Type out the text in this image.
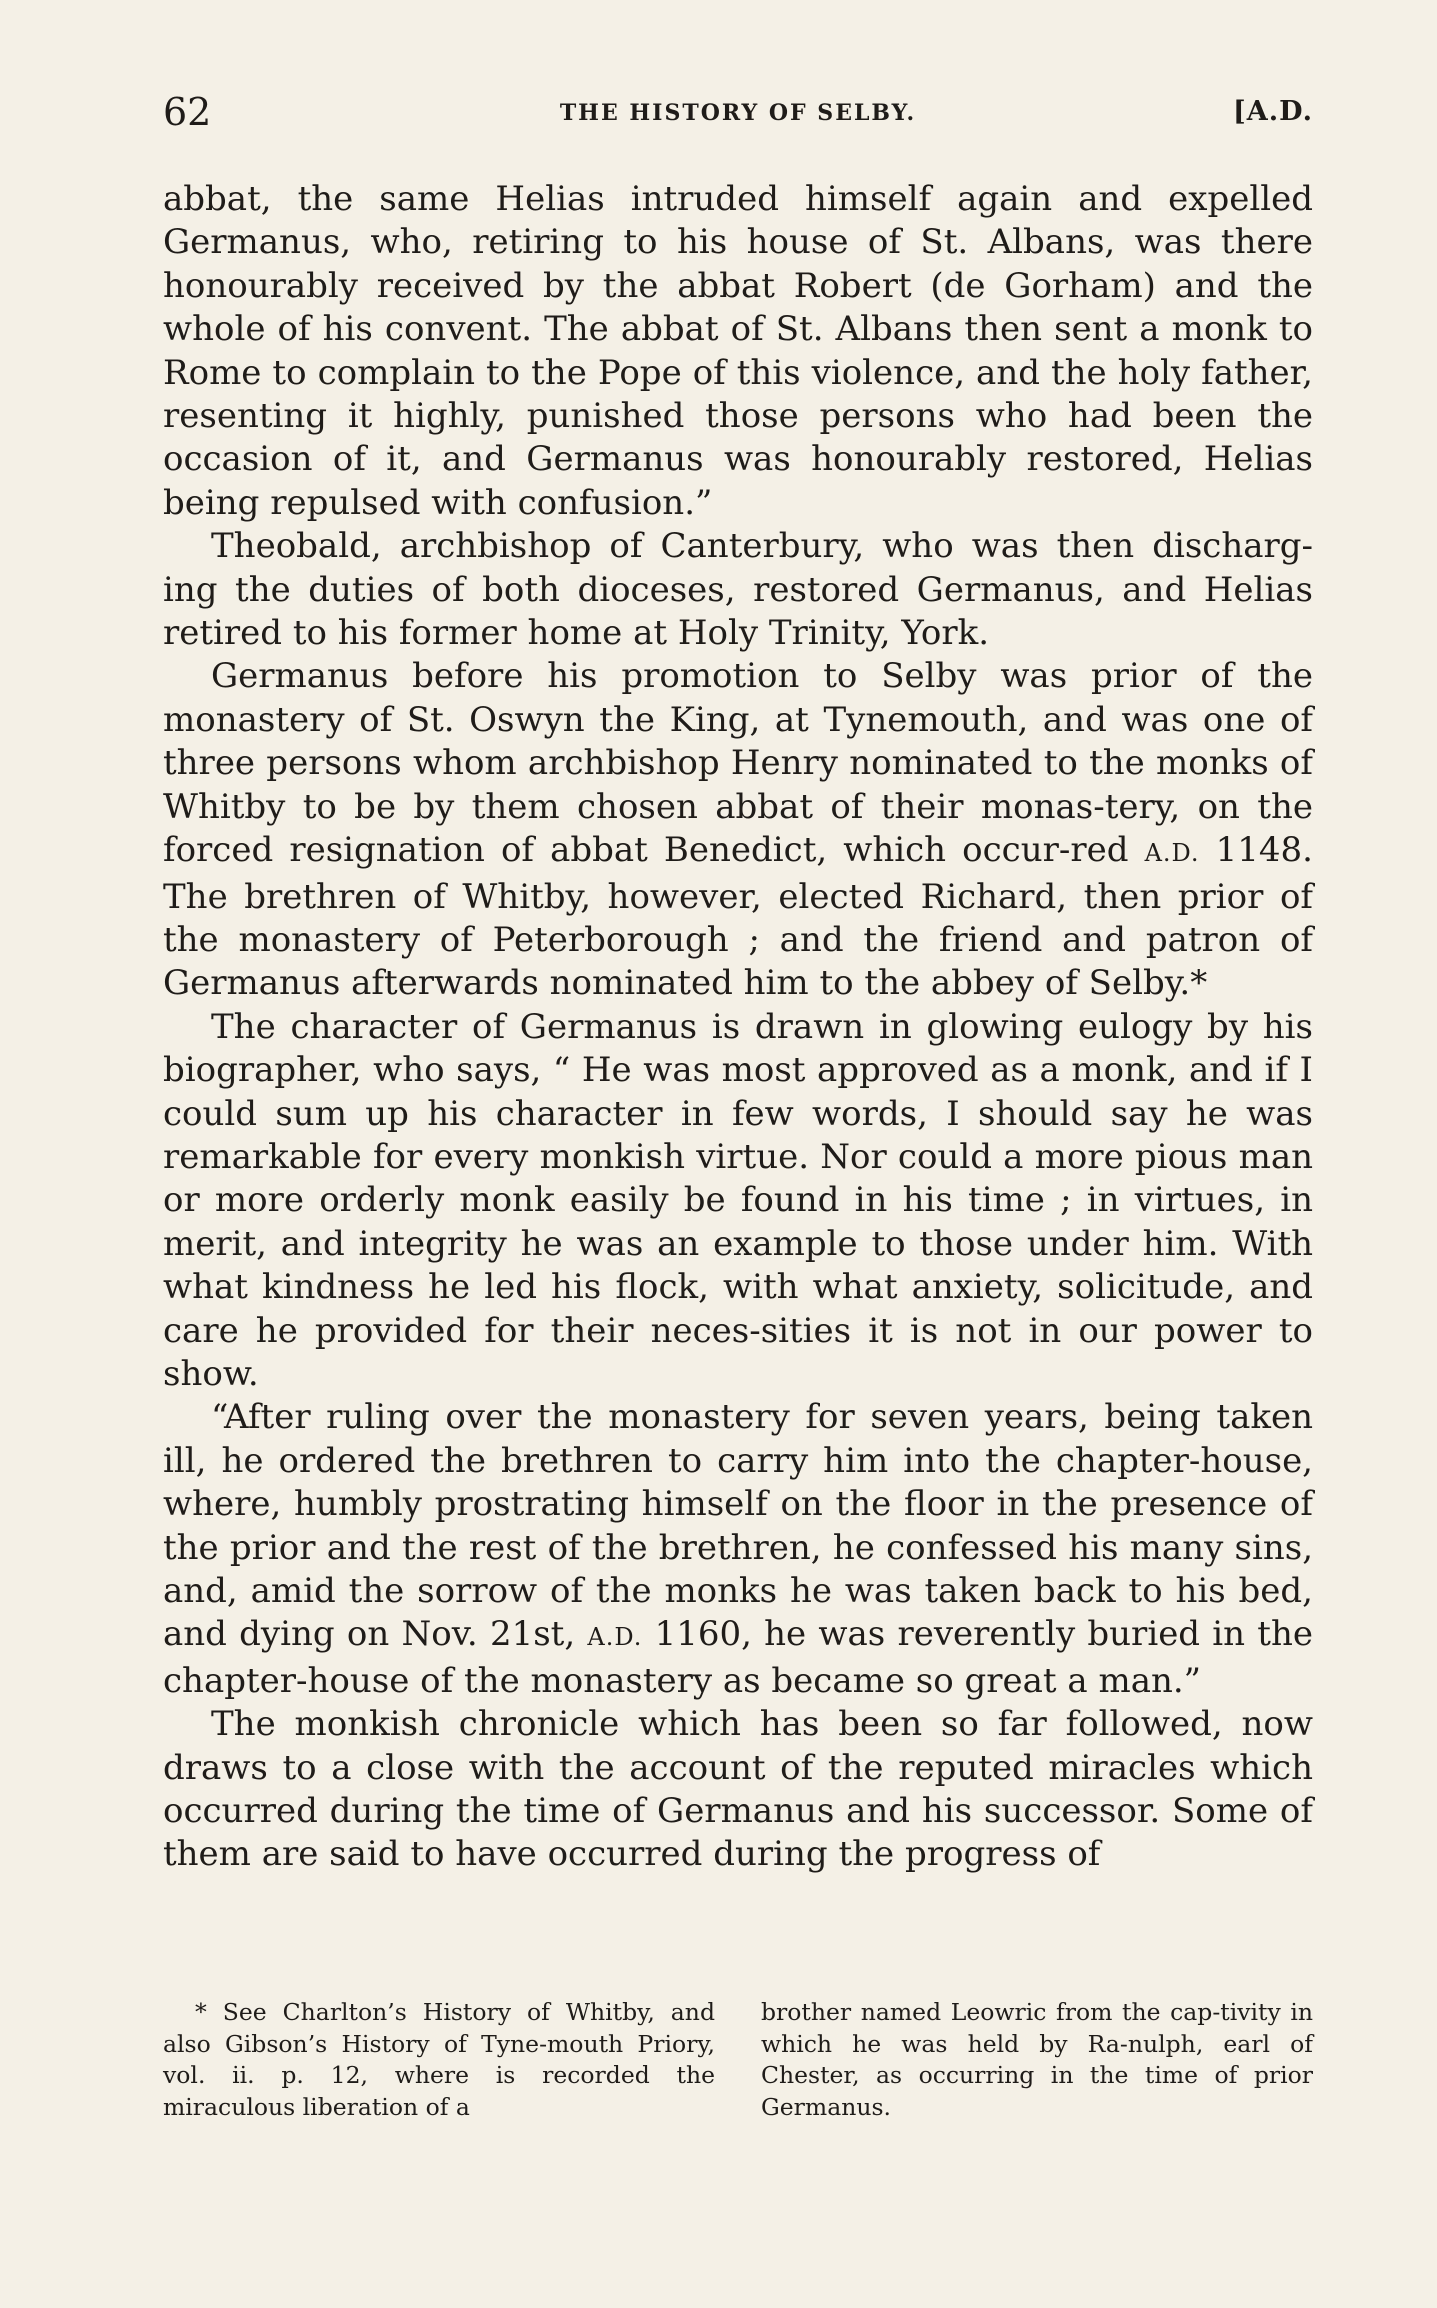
62	THE HISTORY OF SELBY.	[A.D.

abbat, the same Helias intruded himself again and expelled Germanus, who, retiring to his house of St. Albans, was there honourably received by the abbat Robert (de Gorham) and the whole of his convent. The abbat of St. Albans then sent a monk to Rome to complain to the Pope of this violence, and the holy father, resenting it highly, punished those persons who had been the occasion of it, and Germanus was honourably restored, Helias being repulsed with confusion.”

Theobald, archbishop of Canterbury, who was then discharg-ing the duties of both dioceses, restored Germanus, and Helias retired to his former home at Holy Trinity, York.

Germanus before his promotion to Selby was prior of the monastery of St. Oswyn the King, at Tynemouth, and was one of three persons whom archbishop Henry nominated to the monks of Whitby to be by them chosen abbat of their monas-tery, on the forced resignation of abbat Benedict, which occur-red A.D. 1148. The brethren of Whitby, however, elected Richard, then prior of the monastery of Peterborough ; and the friend and patron of Germanus afterwards nominated him to the abbey of Selby.*

The character of Germanus is drawn in glowing eulogy by his biographer, who says, “ He was most approved as a monk, and if I could sum up his character in few words, I should say he was remarkable for every monkish virtue. Nor could a more pious man or more orderly monk easily be found in his time ; in virtues, in merit, and integrity he was an example to those under him. With what kindness he led his flock, with what anxiety, solicitude, and care he provided for their neces-sities it is not in our power to show.

“After ruling over the monastery for seven years, being taken ill, he ordered the brethren to carry him into the chapter-house, where, humbly prostrating himself on the floor in the presence of the prior and the rest of the brethren, he confessed his many sins, and, amid the sorrow of the monks he was taken back to his bed, and dying on Nov. 21st, A.D. 1160, he was reverently buried in the chapter-house of the monastery as became so great a man.”

The monkish chronicle which has been so far followed, now draws to a close with the account of the reputed miracles which occurred during the time of Germanus and his successor. Some of them are said to have occurred during the progress of

* See Charlton’s History of Whitby, and also Gibson’s History of Tyne-mouth Priory, vol. ii. p. 12, where is recorded the miraculous liberation of a

brother named Leowric from the cap-tivity in which he was held by Ra-nulph, earl of Chester, as occurring in the time of prior Germanus.
